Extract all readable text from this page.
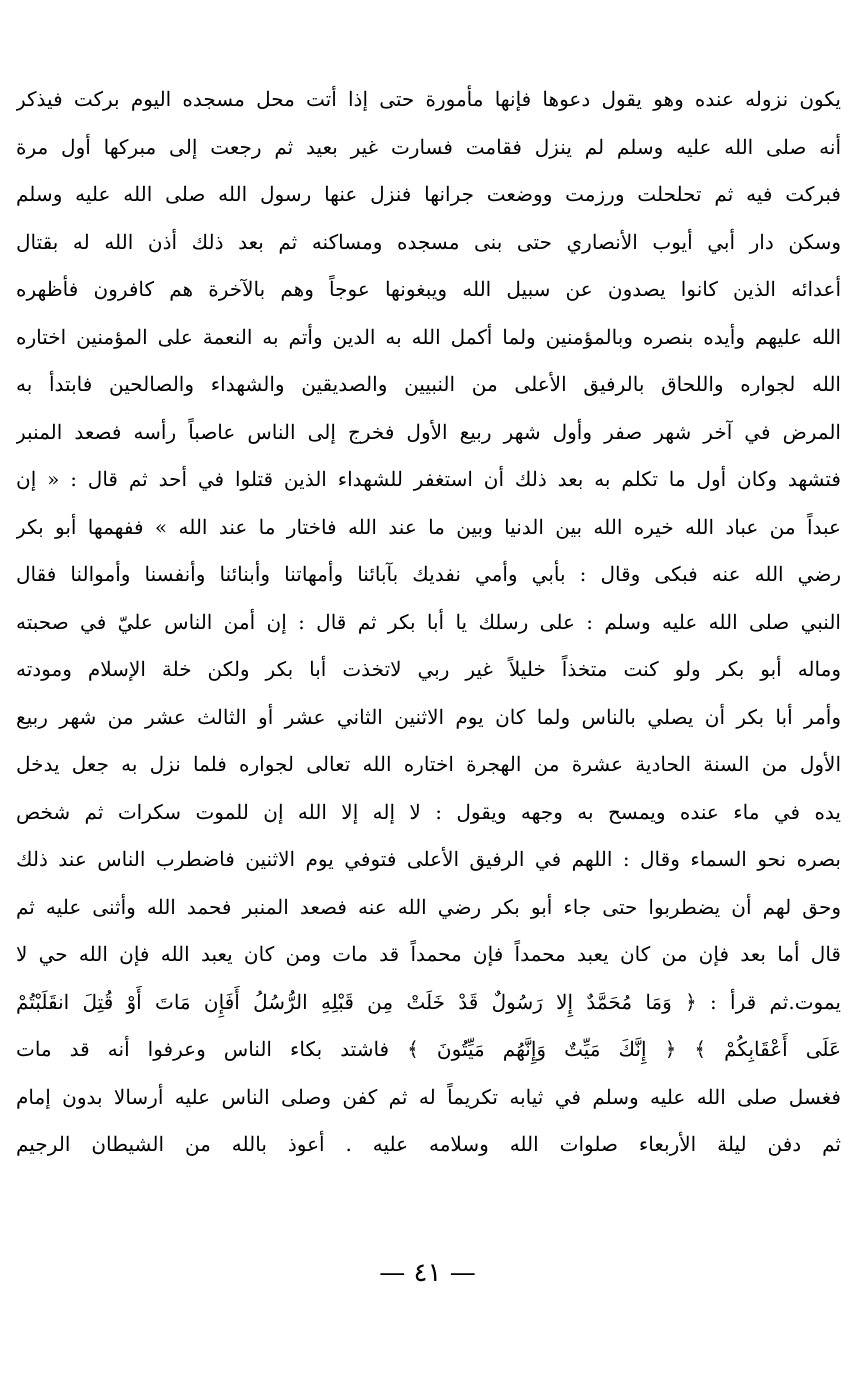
يكون نزوله عنده وهو يقول دعوها فإنها مأمورة حتى إذا أتت محل مسجده اليوم بركت فيذكر
أنه صلى الله عليه وسلم لم ينزل فقامت فسارت غير بعيد ثم رجعت إلى مبركها أول مرة
فبركت فيه ثم تحلحلت ورزمت ووضعت جرانها فنزل عنها رسول الله صلى الله عليه وسلم
وسكن دار أبي أيوب الأنصاري حتى بنى مسجده ومساكنه ثم بعد ذلك أذن الله له بقتال
أعدائه الذين كانوا يصدون عن سبيل الله ويبغونها عوجاً وهم بالآخرة هم كافرون فأظهره
الله عليهم وأيده بنصره وبالمؤمنين ولما أكمل الله به الدين وأتم به النعمة على المؤمنين اختاره
الله لجواره واللحاق بالرفيق الأعلى من النبيين والصديقين والشهداء والصالحين فابتدأ به
المرض في آخر شهر صفر وأول شهر ربيع الأول فخرج إلى الناس عاصباً رأسه فصعد المنبر
فتشهد وكان أول ما تكلم به بعد ذلك أن استغفر للشهداء الذين قتلوا في أحد ثم قال : « إن
عبداً من عباد الله خيره الله بين الدنيا وبين ما عند الله فاختار ما عند الله » ففهمها أبو بكر
رضي الله عنه فبكى وقال : بأبي وأمي نفديك بآبائنا وأمهاتنا وأبنائنا وأنفسنا وأموالنا فقال
النبي صلى الله عليه وسلم : على رسلك يا أبا بكر ثم قال : إن أمن الناس عليّ في صحبته
وماله أبو بكر ولو كنت متخذاً خليلاً غير ربي لاتخذت أبا بكر ولكن خلة الإسلام ومودته
وأمر أبا بكر أن يصلي بالناس ولما كان يوم الاثنين الثاني عشر أو الثالث عشر من شهر ربيع
الأول من السنة الحادية عشرة من الهجرة اختاره الله تعالى لجواره فلما نزل به جعل يدخل
يده في ماء عنده ويمسح به وجهه ويقول : لا إله إلا الله إن للموت سكرات ثم شخص
بصره نحو السماء وقال : اللهم في الرفيق الأعلى فتوفي يوم الاثنين فاضطرب الناس عند ذلك
وحق لهم أن يضطربوا حتى جاء أبو بكر رضي الله عنه فصعد المنبر فحمد الله وأثنى عليه ثم
قال أما بعد فإن من كان يعبد محمداً فإن محمداً قد مات ومن كان يعبد الله فإن الله حي لا
يموت.ثم قرأ : ﴿ وَمَا مُحَمَّدٌ إِلا رَسُولٌ قَدْ خَلَتْ مِن قَبْلِهِ الرُّسُلُ أَفَإِن مَاتَ أَوْ قُتِلَ انقَلَبْتُمْ
عَلَى أَعْقَابِكُمْ ﴾ ﴿ إِنَّكَ مَيِّتٌ وَإِنَّهُم مَيِّتُونَ ﴾ فاشتد بكاء الناس وعرفوا أنه قد مات
فغسل صلى الله عليه وسلم في ثيابه تكريماً له ثم كفن وصلى الناس عليه أرسالا بدون إمام
ثم دفن ليلة الأربعاء صلوات الله وسلامه عليه . أعوذ بالله من الشيطان الرجيم
— ٤١ —
